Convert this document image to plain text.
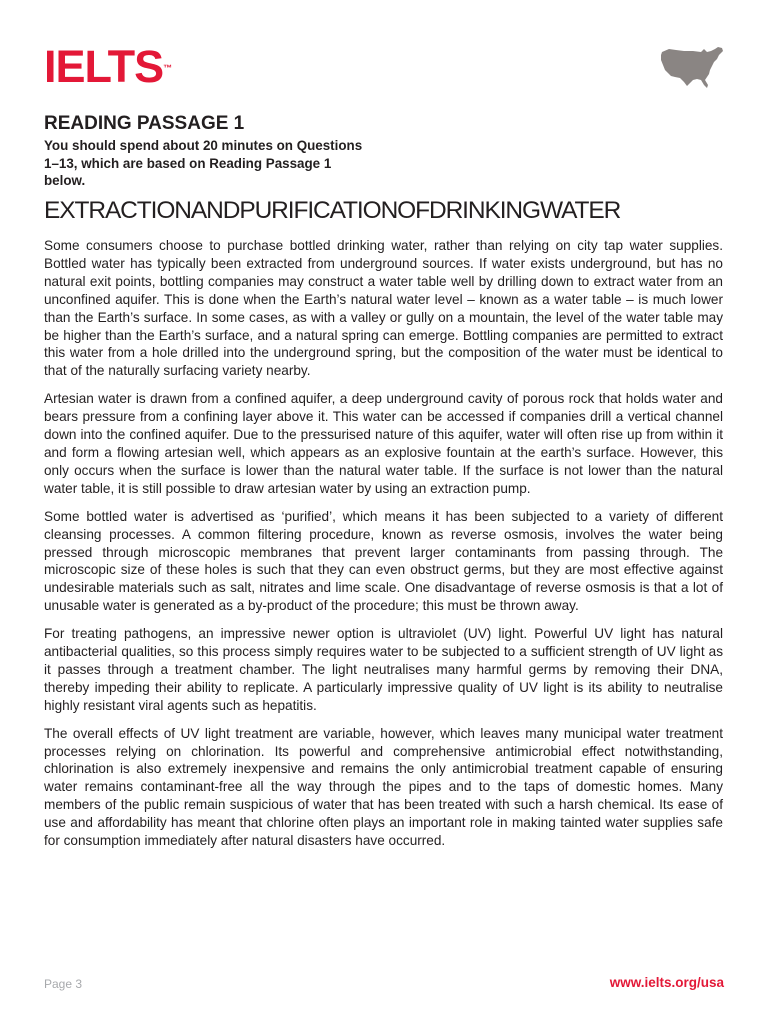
IELTS™
READING PASSAGE 1
You should spend about 20 minutes on Questions
1–13, which are based on Reading Passage 1
below.
EXTRACTIONANDPURIFICATIONOFDRINKINGWATER

Some consumers choose to purchase bottled drinking water, rather than relying on city tap water supplies. Bottled water has typically been extracted from underground sources. If water exists underground, but has no natural exit points, bottling companies may construct a water table well by drilling down to extract water from an unconfined aquifer. This is done when the Earth’s natural water level – known as a water table – is much lower than the Earth’s surface. In some cases, as with a valley or gully on a mountain, the level of the water table may be higher than the Earth’s surface, and a natural spring can emerge. Bottling companies are permitted to extract this water from a hole drilled into the underground spring, but the composition of the water must be identical to that of the naturally surfacing variety nearby.

Artesian water is drawn from a confined aquifer, a deep underground cavity of porous rock that holds water and bears pressure from a confining layer above it. This water can be accessed if companies drill a vertical channel down into the confined aquifer. Due to the pressurised nature of this aquifer, water will often rise up from within it and form a flowing artesian well, which appears as an explosive fountain at the earth’s surface. However, this only occurs when the surface is lower than the natural water table. If the surface is not lower than the natural water table, it is still possible to draw artesian water by using an extraction pump.

Some bottled water is advertised as ‘purified’, which means it has been subjected to a variety of different cleansing processes. A common filtering procedure, known as reverse osmosis, involves the water being pressed through microscopic membranes that prevent larger contaminants from passing through. The microscopic size of these holes is such that they can even obstruct germs, but they are most effective against undesirable materials such as salt, nitrates and lime scale. One disadvantage of reverse osmosis is that a lot of unusable water is generated as a by-product of the procedure; this must be thrown away.

For treating pathogens, an impressive newer option is ultraviolet (UV) light. Powerful UV light has natural antibacterial qualities, so this process simply requires water to be subjected to a sufficient strength of UV light as it passes through a treatment chamber. The light neutralises many harmful germs by removing their DNA, thereby impeding their ability to replicate. A particularly impressive quality of UV light is its ability to neutralise highly resistant viral agents such as hepatitis.

The overall effects of UV light treatment are variable, however, which leaves many municipal water treatment processes relying on chlorination. Its powerful and comprehensive antimicrobial effect notwithstanding, chlorination is also extremely inexpensive and remains the only antimicrobial treatment capable of ensuring water remains contaminant-free all the way through the pipes and to the taps of domestic homes. Many members of the public remain suspicious of water that has been treated with such a harsh chemical. Its ease of use and affordability has meant that chlorine often plays an important role in making tainted water supplies safe for consumption immediately after natural disasters have occurred.

Page 3	www.ielts.org/usa
